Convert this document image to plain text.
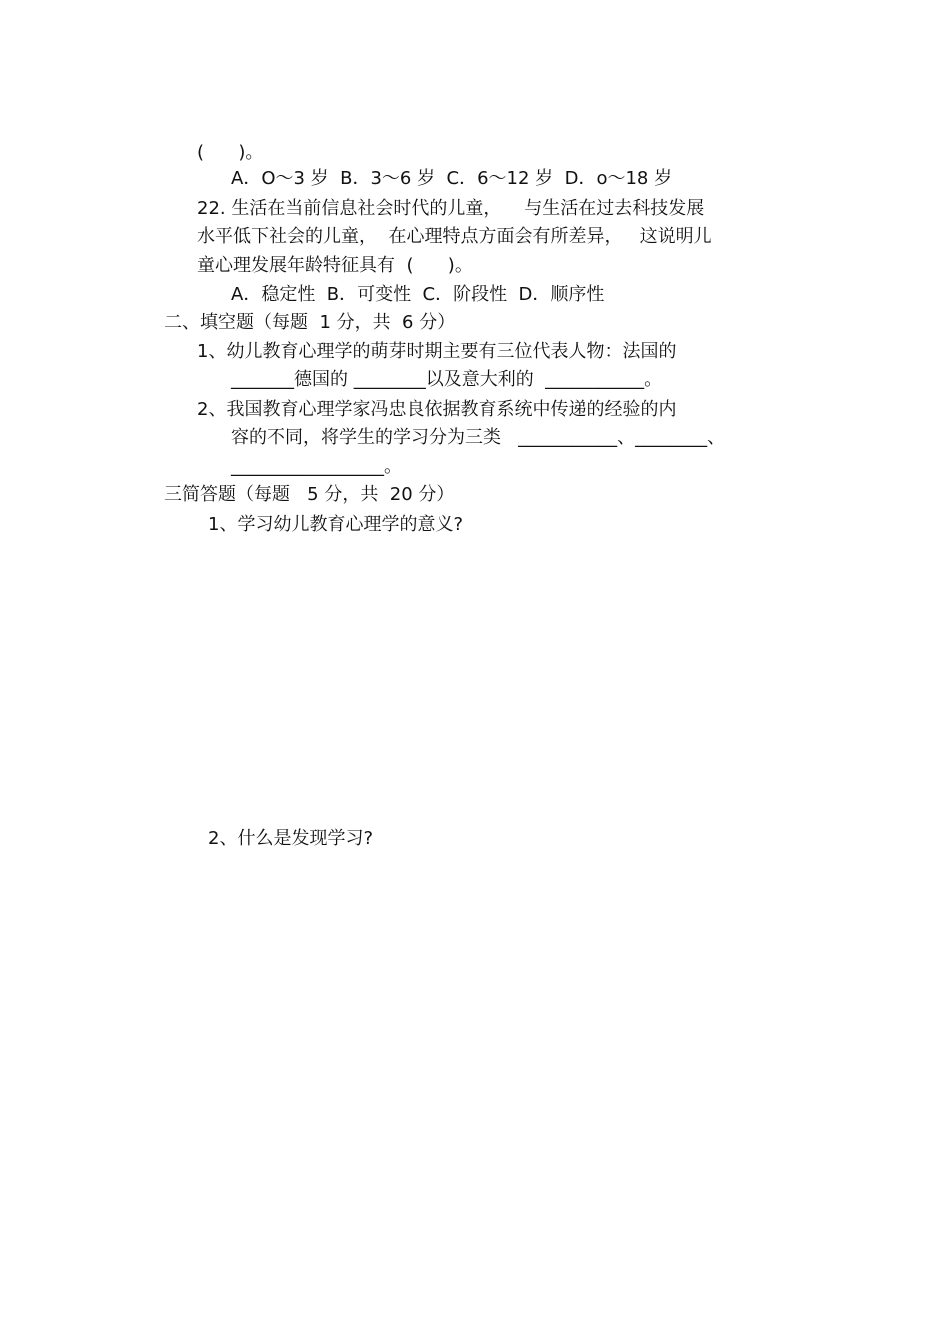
(      )。
A．O～3 岁  B．3～6 岁  C．6～12 岁  D．o～18 岁
22. 生活在当前信息社会时代的儿童，    与生活在过去科技发展
水平低下社会的儿童，  在心理特点方面会有所差异，   这说明儿
童心理发展年龄特征具有  (      )。
A．稳定性  B．可变性  C．阶段性  D．顺序性
二、填空题（每题  1 分，共  6 分）
1、幼儿教育心理学的萌芽时期主要有三位代表人物：法国的
_______德国的 ________以及意大利的  ___________。
2、我国教育心理学家冯忠良依据教育系统中传递的经验的内
容的不同，将学生的学习分为三类   ___________、________、
_________________。
三简答题（每题   5 分，共  20 分）
1、学习幼儿教育心理学的意义?
2、什么是发现学习?
